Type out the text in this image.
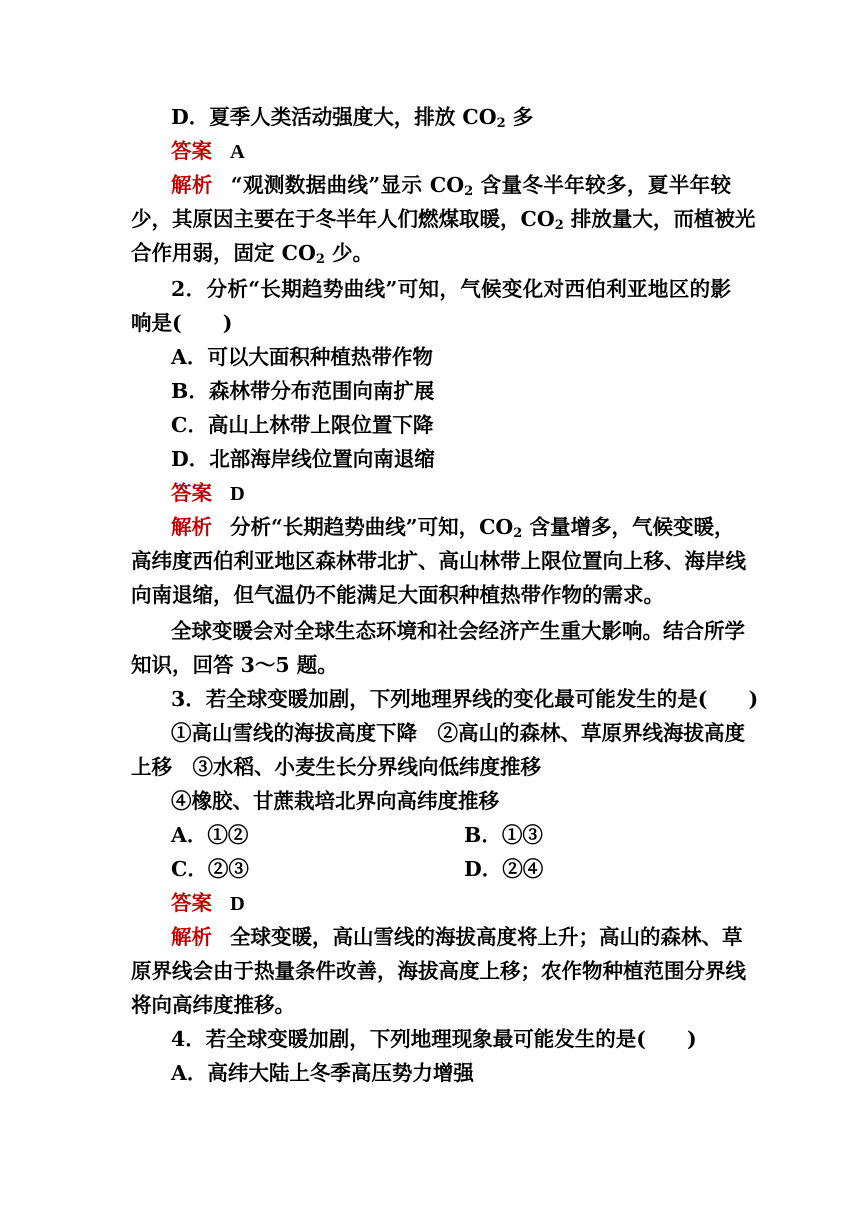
D．夏季人类活动强度大，排放 $CO_2$ 多
答案 A
解析 “观测数据曲线”显示 $CO_2$ 含量冬半年较多，夏半年较
少，其原因主要在于冬半年人们燃煤取暖，$CO_2$ 排放量大，而植被光
合作用弱，固定 $CO_2$ 少。
2．分析“长期趋势曲线”可知，气候变化对西伯利亚地区的影
响是(　　)
A．可以大面积种植热带作物
B．森林带分布范围向南扩展
C．高山上林带上限位置下降
D．北部海岸线位置向南退缩
答案 D
解析 分析“长期趋势曲线”可知，$CO_2$ 含量增多，气候变暖，
高纬度西伯利亚地区森林带北扩、高山林带上限位置向上移、海岸线
向南退缩，但气温仍不能满足大面积种植热带作物的需求。
全球变暖会对全球生态环境和社会经济产生重大影响。结合所学
知识，回答 3～5 题。
3．若全球变暖加剧，下列地理界线的变化最可能发生的是(　　)
①高山雪线的海拔高度下降　②高山的森林、草原界线海拔高度
上移　③水稻、小麦生长分界线向低纬度推移
④橡胶、甘蔗栽培北界向高纬度推移
A．①②	B．①③
C．②③	D．②④
答案 D
解析 全球变暖，高山雪线的海拔高度将上升；高山的森林、草
原界线会由于热量条件改善，海拔高度上移；农作物种植范围分界线
将向高纬度推移。
4．若全球变暖加剧，下列地理现象最可能发生的是(　　)
A．高纬大陆上冬季高压势力增强
